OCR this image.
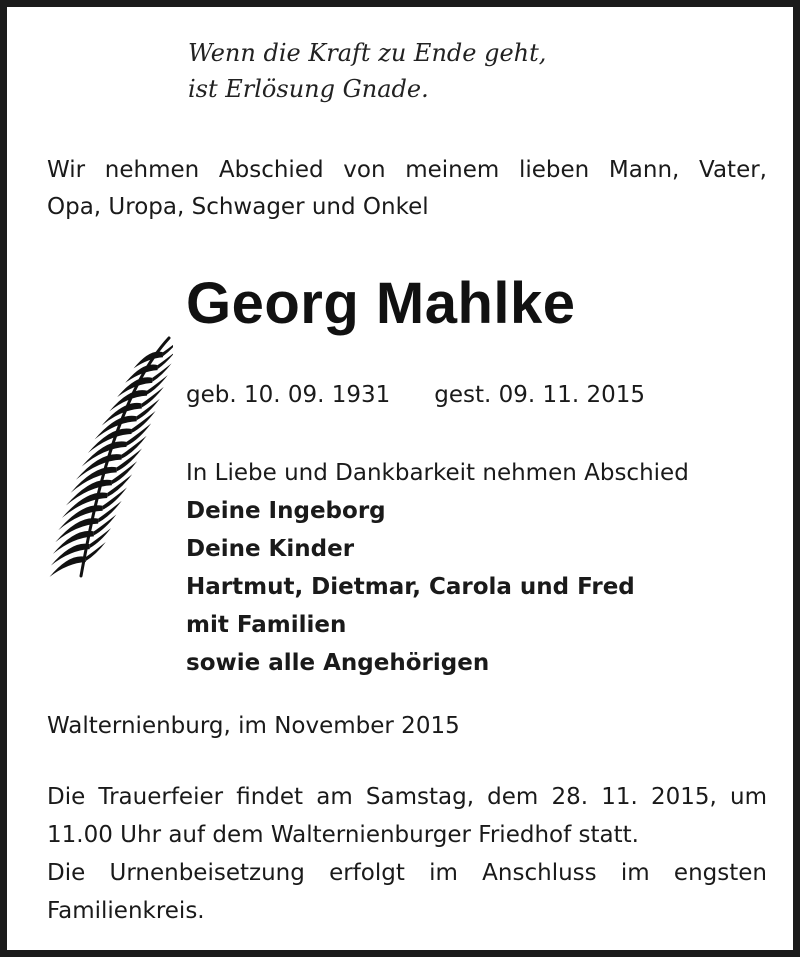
Wenn die Kraft zu Ende geht,
ist Erlösung Gnade.
Wir nehmen Abschied von meinem lieben Mann, Vater,
Opa, Uropa, Schwager und Onkel
Georg Mahlke
geb. 10. 09. 1931 gest. 09. 11. 2015
In Liebe und Dankbarkeit nehmen Abschied
Deine Ingeborg
Deine Kinder
Hartmut, Dietmar, Carola und Fred
mit Familien
sowie alle Angehörigen
Walternienburg, im November 2015
Die Trauerfeier findet am Samstag, dem 28. 11. 2015, um
11.00 Uhr auf dem Walternienburger Friedhof statt.
Die Urnenbeisetzung erfolgt im Anschluss im engsten
Familienkreis.
